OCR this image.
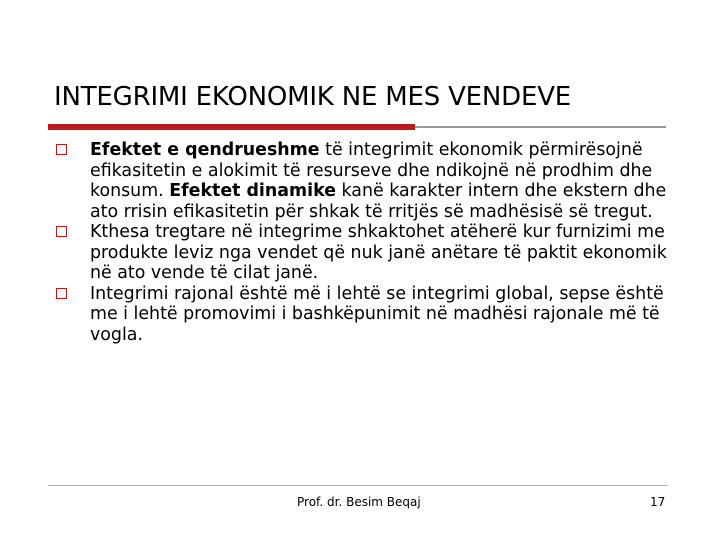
INTEGRIMI EKONOMIK NE MES VENDEVE

Efektet e qendrueshme të integrimit ekonomik përmirësojnë efikasitetin e alokimit të resurseve dhe ndikojnë në prodhim dhe konsum. Efektet dinamike kanë karakter intern dhe ekstern dhe ato rrisin efikasitetin për shkak të rritjës së madhësisë së tregut.

Kthesa tregtare në integrime shkaktohet atëherë kur furnizimi me produkte leviz nga vendet që nuk janë anëtare të paktit ekonomik në ato vende të cilat janë.

Integrimi rajonal është më i lehtë se integrimi global, sepse është me i lehtë promovimi i bashkëpunimit në madhësi rajonale më të vogla.

Prof. dr. Besim Beqaj	17
